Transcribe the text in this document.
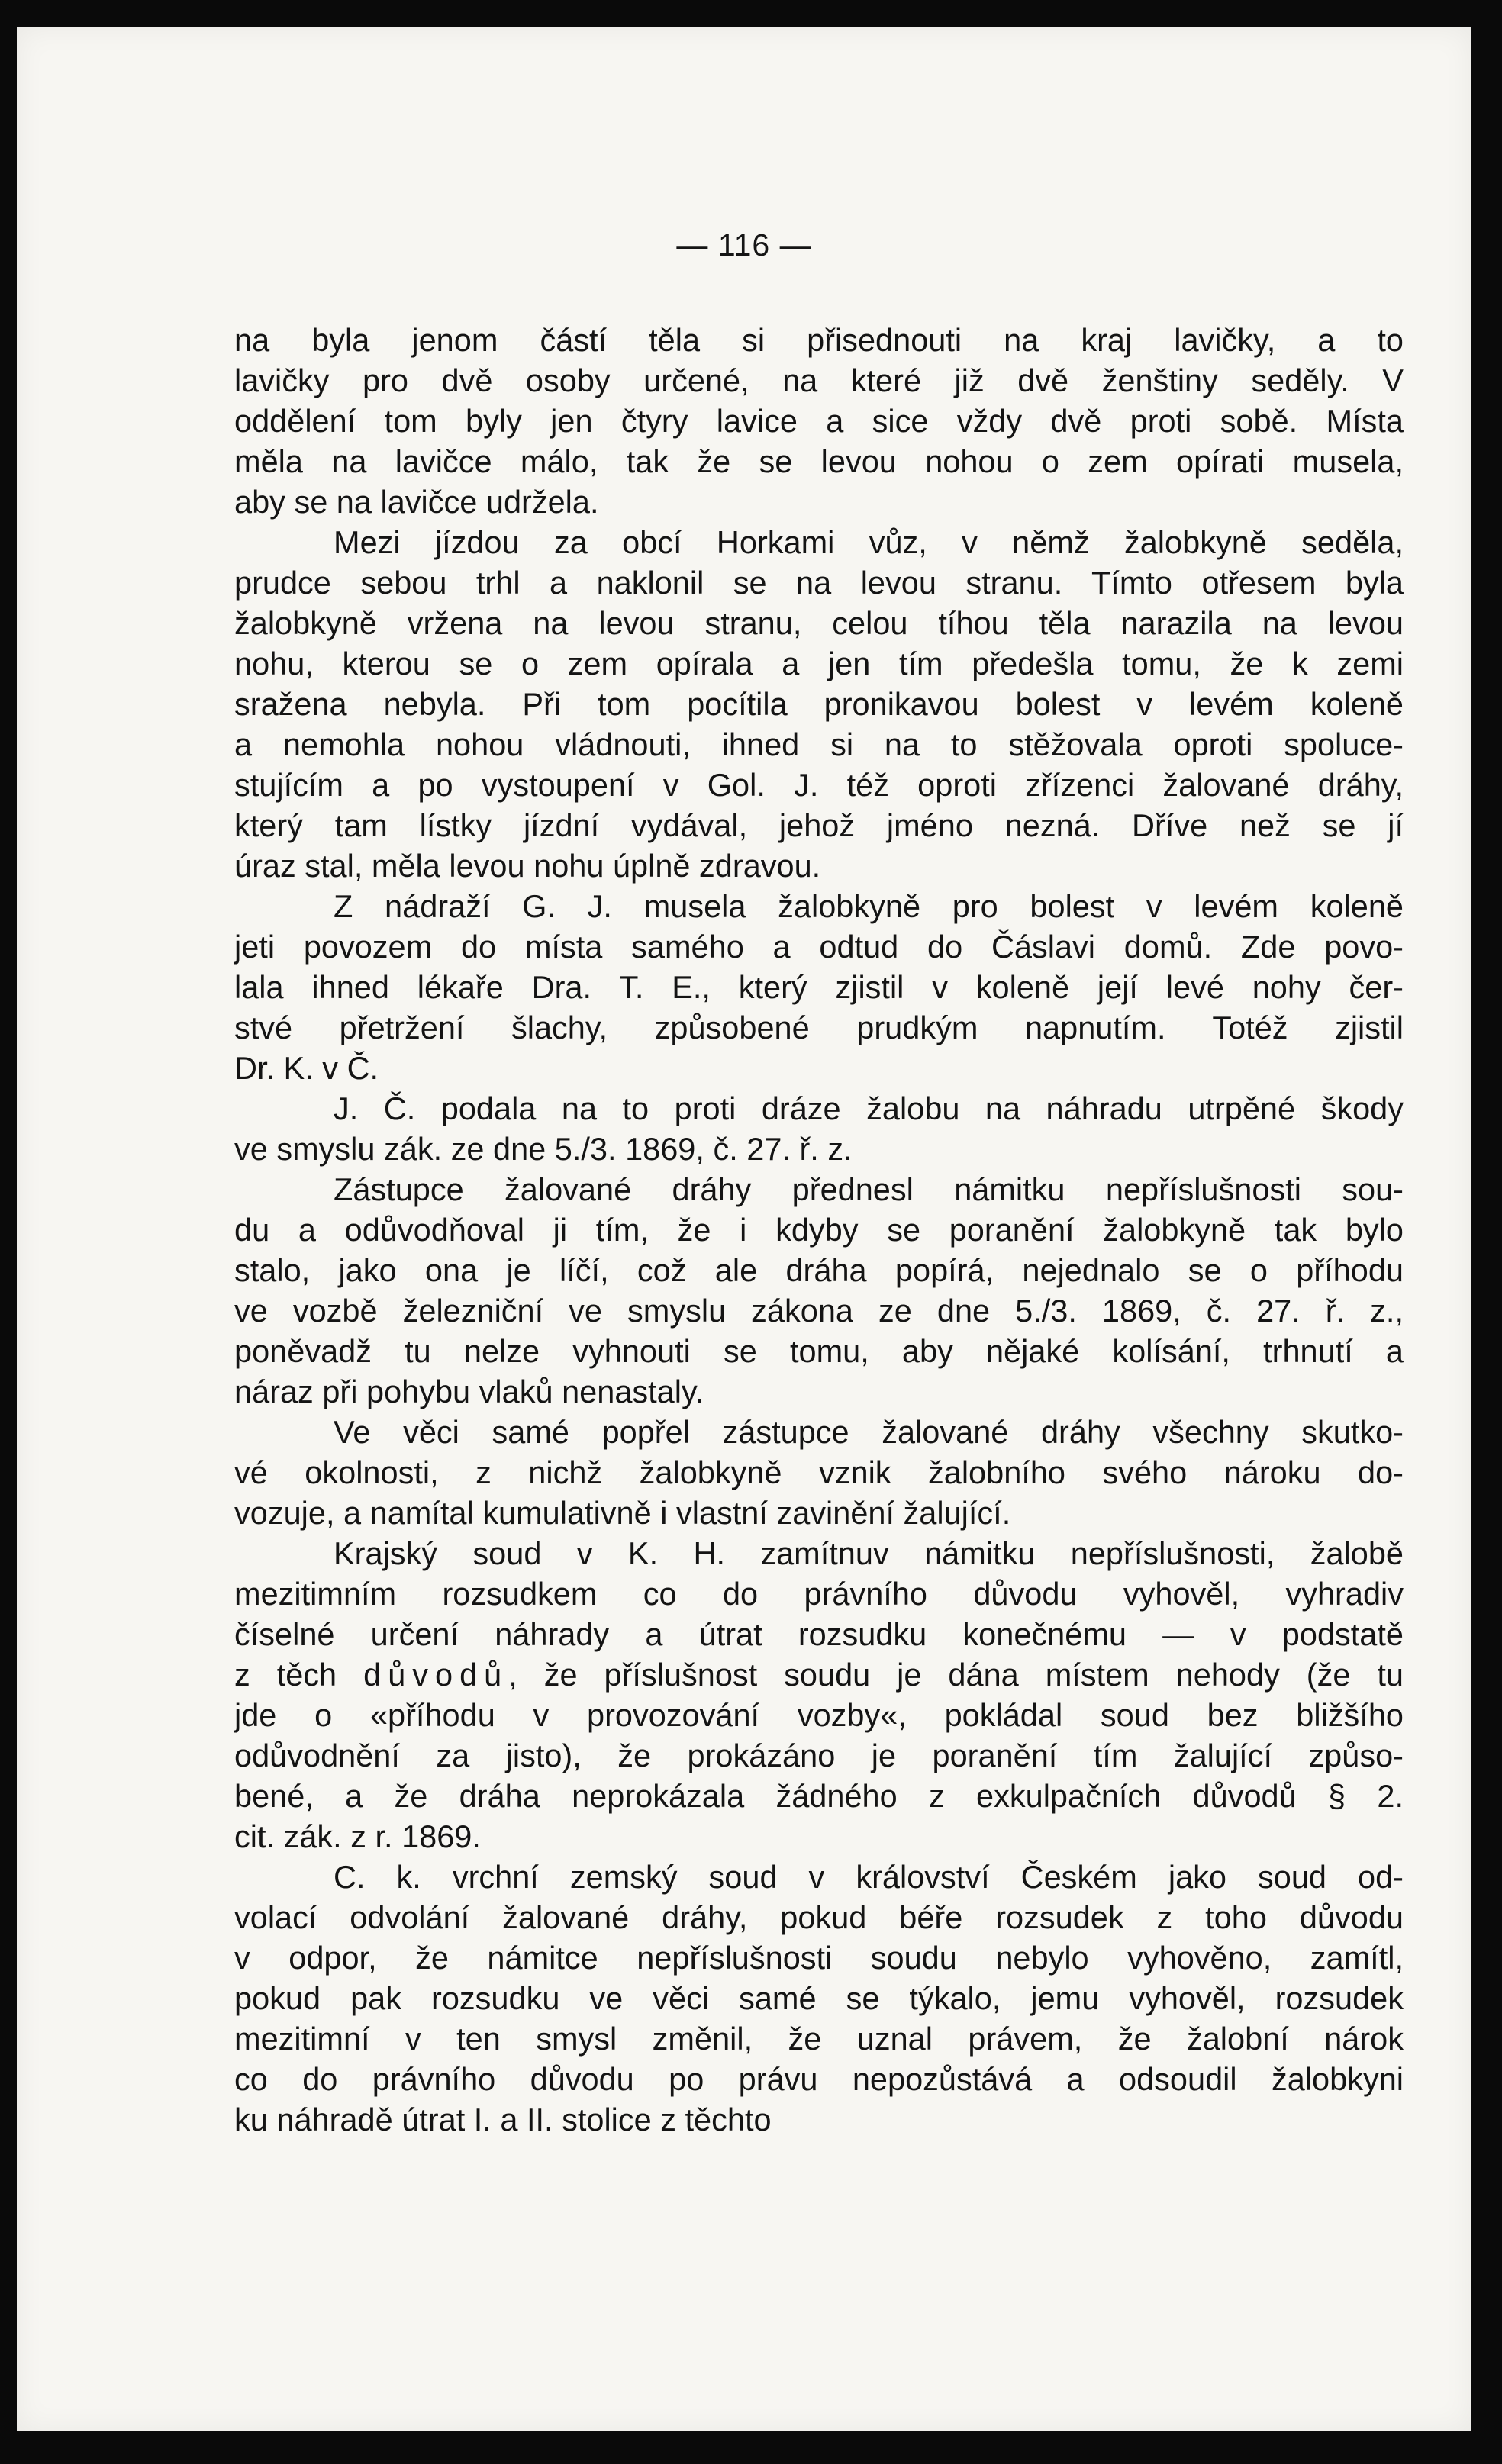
— 116 —
na byla jenom částí těla si přisednouti na kraj lavičky, a to
lavičky pro dvě osoby určené, na které již dvě ženštiny seděly. V
oddělení tom byly jen čtyry lavice a sice vždy dvě proti sobě. Místa
měla na lavičce málo, tak že se levou nohou o zem opírati musela,
aby se na lavičce udržela.
Mezi jízdou za obcí Horkami vůz, v němž žalobkyně seděla,
prudce sebou trhl a naklonil se na levou stranu. Tímto otřesem byla
žalobkyně vržena na levou stranu, celou tíhou těla narazila na levou
nohu, kterou se o zem opírala a jen tím předešla tomu, že k zemi
sražena nebyla. Při tom pocítila pronikavou bolest v levém koleně
a nemohla nohou vládnouti, ihned si na to stěžovala oproti spoluce-
stujícím a po vystoupení v Gol. J. též oproti zřízenci žalované dráhy,
který tam lístky jízdní vydával, jehož jméno nezná. Dříve než se jí
úraz stal, měla levou nohu úplně zdravou.
Z nádraží G. J. musela žalobkyně pro bolest v levém koleně
jeti povozem do místa samého a odtud do Čáslavi domů. Zde povo-
lala ihned lékaře Dra. T. E., který zjistil v koleně její levé nohy čer-
stvé přetržení šlachy, způsobené prudkým napnutím. Totéž zjistil
Dr. K. v Č.
J. Č. podala na to proti dráze žalobu na náhradu utrpěné škody
ve smyslu zák. ze dne 5./3. 1869, č. 27. ř. z.
Zástupce žalované dráhy přednesl námitku nepříslušnosti sou-
du a odůvodňoval ji tím, že i kdyby se poranění žalobkyně tak bylo
stalo, jako ona je líčí, což ale dráha popírá, nejednalo se o příhodu
ve vozbě železniční ve smyslu zákona ze dne 5./3. 1869, č. 27. ř. z.,
poněvadž tu nelze vyhnouti se tomu, aby nějaké kolísání, trhnutí a
náraz při pohybu vlaků nenastaly.
Ve věci samé popřel zástupce žalované dráhy všechny skutko-
vé okolnosti, z nichž žalobkyně vznik žalobního svého nároku do-
vozuje, a namítal kumulativně i vlastní zavinění žalující.
Krajský soud v K. H. zamítnuv námitku nepříslušnosti, žalobě
mezitimním rozsudkem co do právního důvodu vyhověl, vyhradiv
číselné určení náhrady a útrat rozsudku konečnému — v podstatě
z těch důvodů, že příslušnost soudu je dána místem nehody (že tu
jde o «příhodu v provozování vozby«, pokládal soud bez bližšího
odůvodnění za jisto), že prokázáno je poranění tím žalující způso-
bené, a že dráha neprokázala žádného z exkulpačních důvodů § 2.
cit. zák. z r. 1869.
C. k. vrchní zemský soud v království Českém jako soud od-
volací odvolání žalované dráhy, pokud béře rozsudek z toho důvodu
v odpor, že námitce nepříslušnosti soudu nebylo vyhověno, zamítl,
pokud pak rozsudku ve věci samé se týkalo, jemu vyhověl, rozsudek
mezitimní v ten smysl změnil, že uznal právem, že žalobní nárok
co do právního důvodu po právu nepozůstává a odsoudil žalobkyni
ku náhradě útrat I. a II. stolice z těchto
